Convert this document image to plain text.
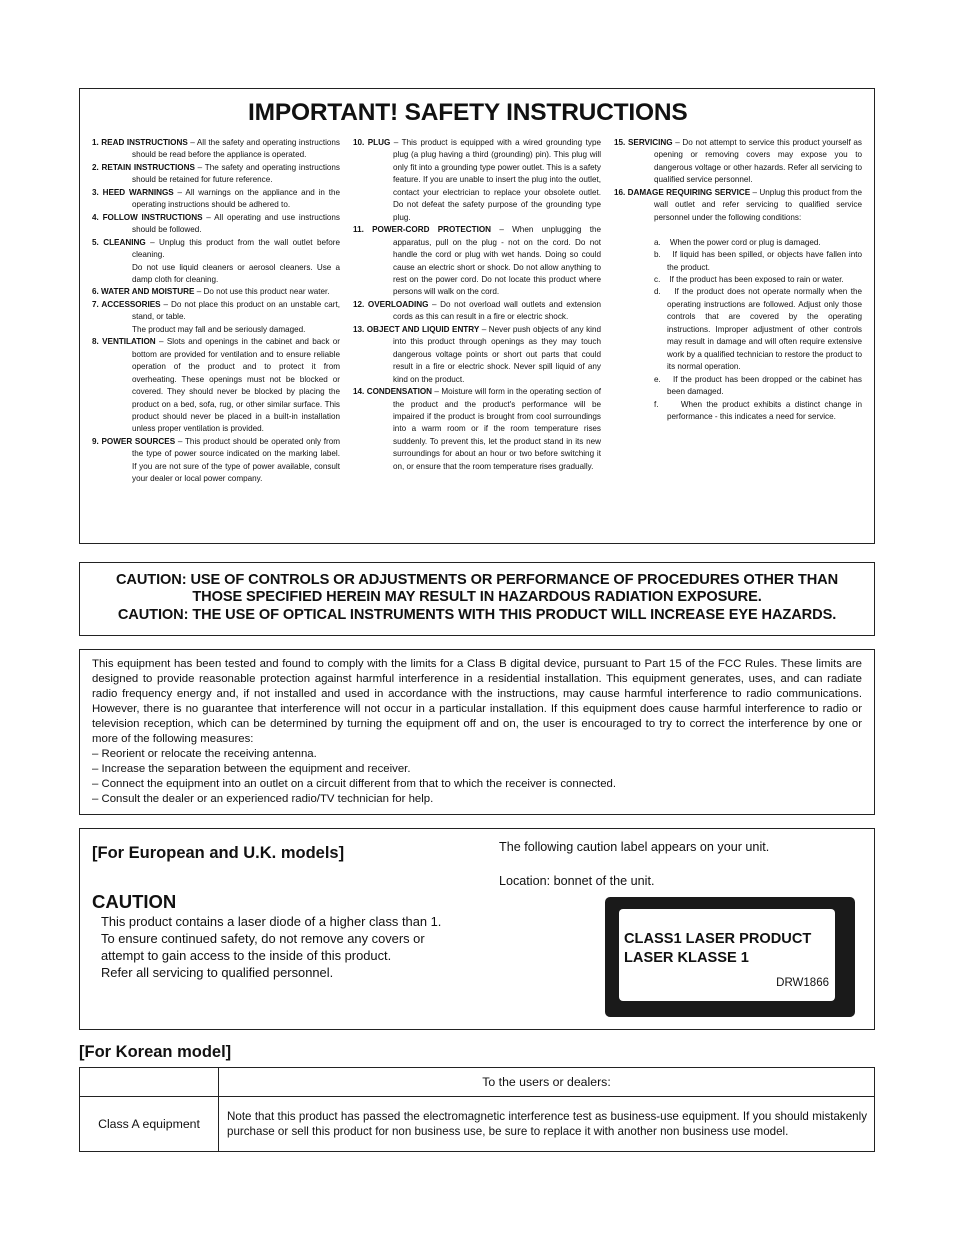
IMPORTANT! SAFETY INSTRUCTIONS
1. READ INSTRUCTIONS – All the safety and operating instructions should be read before the appliance is operated.
2. RETAIN INSTRUCTIONS – The safety and operating instructions should be retained for future reference.
3. HEED WARNINGS – All warnings on the appliance and in the operating instructions should be adhered to.
4. FOLLOW INSTRUCTIONS – All operating and use instructions should be followed.
5. CLEANING – Unplug this product from the wall outlet before cleaning.
Do not use liquid cleaners or aerosol cleaners. Use a damp cloth for cleaning.
6. WATER AND MOISTURE – Do not use this product near water.
7. ACCESSORIES – Do not place this product on an unstable cart, stand, or table.
The product may fall and be seriously damaged.
8. VENTILATION – Slots and openings in the cabinet and back or bottom are provided for ventilation and to ensure reliable operation of the product and to protect it from overheating. These openings must not be blocked or covered. They should never be blocked by placing the product on a bed, sofa, rug, or other similar surface. This product should never be placed in a built-in installation unless proper ventilation is provided.
9. POWER SOURCES – This product should be operated only from the type of power source indicated on the marking label. If you are not sure of the type of power available, consult your dealer or local power company.
10. PLUG – This product is equipped with a wired grounding type plug (a plug having a third (grounding) pin). This plug will only fit into a grounding type power outlet. This is a safety feature. If you are unable to insert the plug into the outlet, contact your electrician to replace your obsolete outlet. Do not defeat the safety purpose of the grounding type plug.
11. POWER-CORD PROTECTION – When unplugging the apparatus, pull on the plug - not on the cord. Do not handle the cord or plug with wet hands. Doing so could cause an electric short or shock. Do not allow anything to rest on the power cord. Do not locate this product where persons will walk on the cord.
12. OVERLOADING – Do not overload wall outlets and extension cords as this can result in a fire or electric shock.
13. OBJECT AND LIQUID ENTRY – Never push objects of any kind into this product through openings as they may touch dangerous voltage points or short out parts that could result in a fire or electric shock. Never spill liquid of any kind on the product.
14. CONDENSATION – Moisture will form in the operating section of the product and the product's performance will be impaired if the product is brought from cool surroundings into a warm room or if the room temperature rises suddenly. To prevent this, let the product stand in its new surroundings for about an hour or two before switching it on, or ensure that the room temperature rises gradually.
15. SERVICING – Do not attempt to service this product yourself as opening or removing covers may expose you to dangerous voltage or other hazards. Refer all servicing to qualified service personnel.
16. DAMAGE REQUIRING SERVICE – Unplug this product from the wall outlet and refer servicing to qualified service personnel under the following conditions:
a. When the power cord or plug is damaged.
b. If liquid has been spilled, or objects have fallen into the product.
c. If the product has been exposed to rain or water.
d. If the product does not operate normally when the operating instructions are followed. Adjust only those controls that are covered by the operating instructions. Improper adjustment of other controls may result in damage and will often require extensive work by a qualified technician to restore the product to its normal operation.
e. If the product has been dropped or the cabinet has been damaged.
f.	When the product exhibits a distinct change in performance - this indicates a need for service.
CAUTION: USE OF CONTROLS OR ADJUSTMENTS OR PERFORMANCE OF PROCEDURES OTHER THAN
THOSE SPECIFIED HEREIN MAY RESULT IN HAZARDOUS RADIATION EXPOSURE.
CAUTION: THE USE OF OPTICAL INSTRUMENTS WITH THIS PRODUCT WILL INCREASE EYE HAZARDS.
This equipment has been tested and found to comply with the limits for a Class B digital device, pursuant to Part 15 of the FCC Rules. These limits are designed to provide reasonable protection against harmful interference in a residential installation. This equipment generates, uses, and can radiate radio frequency energy and, if not installed and used in accordance with the instructions, may cause harmful interference to radio communications. However, there is no guarantee that interference will not occur in a particular installation. If this equipment does cause harmful interference to radio or television reception, which can be determined by turning the equipment off and on, the user is encouraged to try to correct the interference by one or more of the following measures:
– Reorient or relocate the receiving antenna.
– Increase the separation between the equipment and receiver.
– Connect the equipment into an outlet on a circuit different from that to which the receiver is connected.
– Consult the dealer or an experienced radio/TV technician for help.
[For European and U.K. models]
CAUTION
This product contains a laser diode of a higher class than 1.
To ensure continued safety, do not remove any covers or
attempt to gain access to the inside of this product.
Refer all servicing to qualified personnel.
The following caution label appears on your unit.
Location: bonnet of the unit.
CLASS1 LASER PRODUCT
LASER KLASSE 1
DRW1866
[For Korean model]
	To the users or dealers:
Class A equipment	Note that this product has passed the electromagnetic interference test as business-use equipment. If you should mistakenly purchase or sell this product for non business use, be sure to replace it with another non business use model.
